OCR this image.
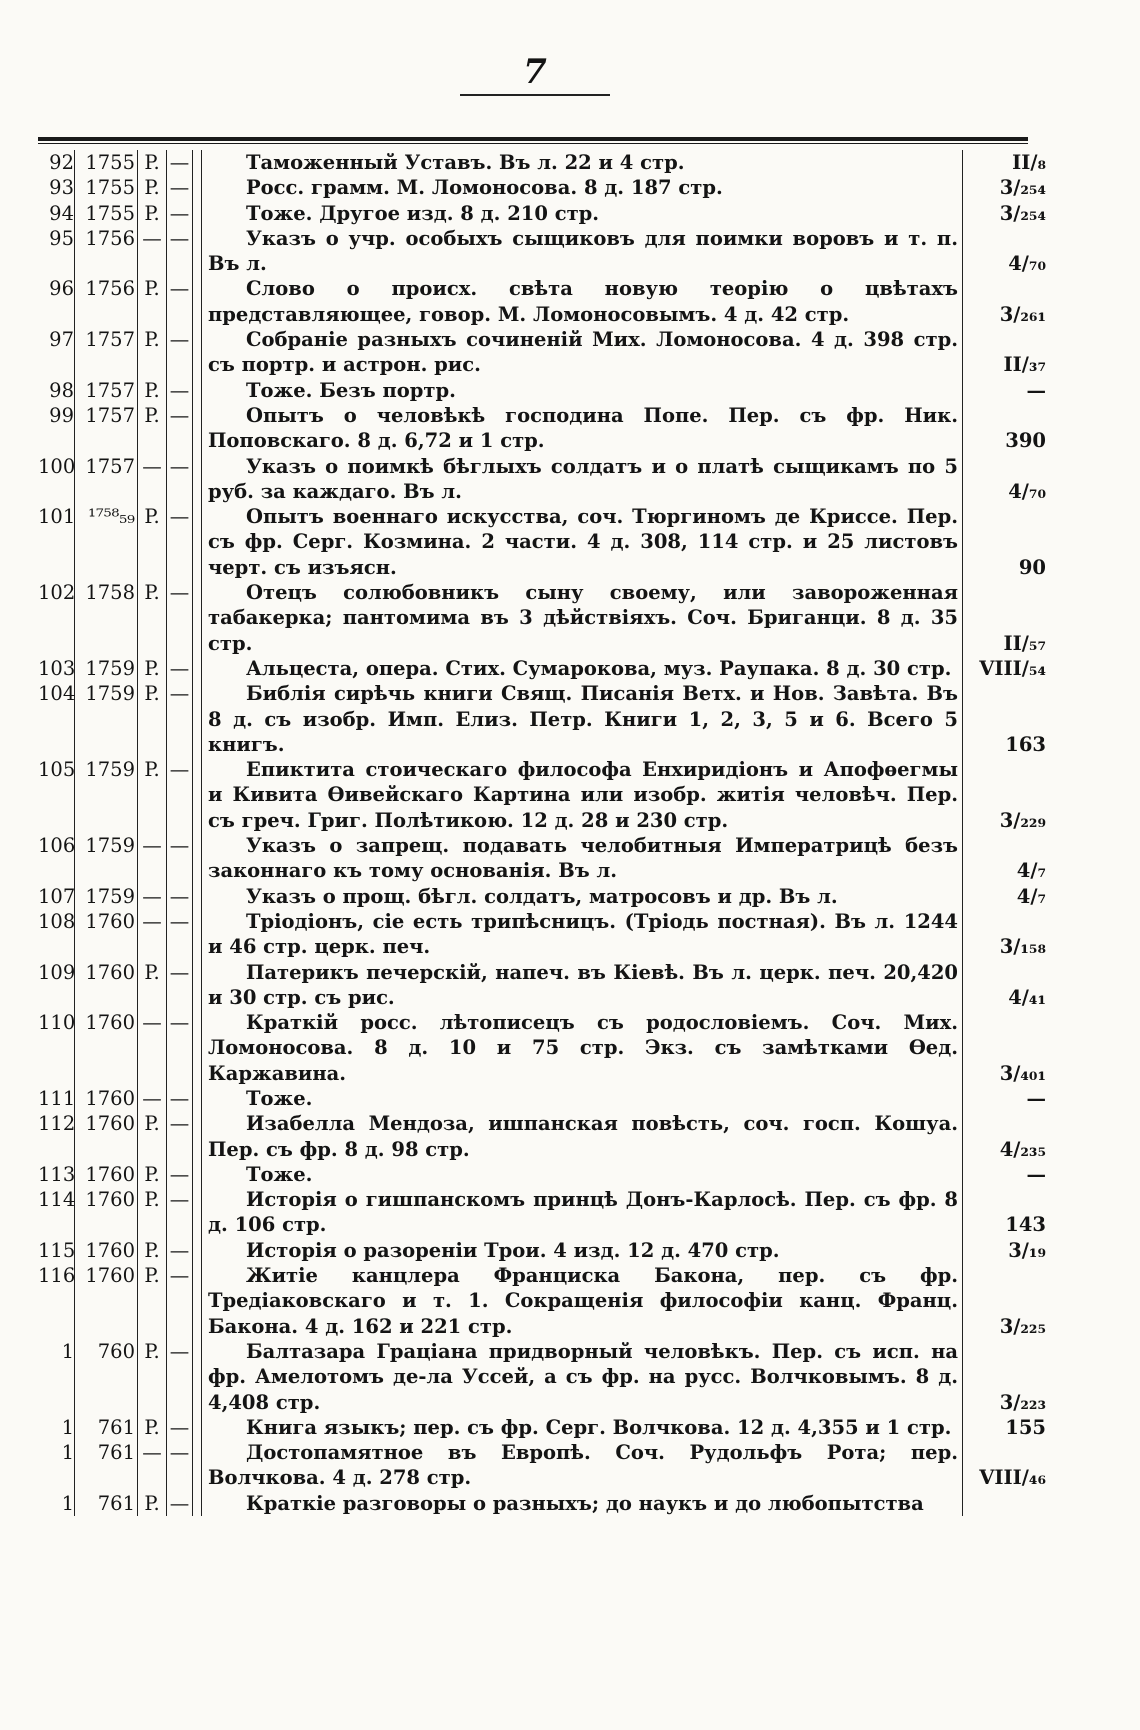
7
92	1755	P.	—		Таможенный Уставъ. Въ л. 22 и 4 стр.	II/₈
93	1755	P.	—		Росс. грамм. М. Ломоносова. 8 д. 187 стр.	3/₂₅₄
94	1755	P.	—		Тоже. Другое изд. 8 д. 210 стр.	3/₂₅₄
95	1756	—	—		Указъ о учр. особыхъ сыщиковъ для поимки воровъ и т. п. Въ л.	4/₇₀
96	1756	P.	—		Слово о происх. свѣта новую теорію о цвѣтахъ представляющее, говор. М. Ломоносовымъ. 4 д. 42 стр.	3/₂₆₁
97	1757	P.	—		Собраніе разныхъ сочиненій Мих. Ломоносова. 4 д. 398 стр. съ портр. и астрон. рис.	II/₃₇
98	1757	P.	—		Тоже. Безъ портр.	—
99	1757	P.	—		Опытъ о человѣкѣ господина Попе. Пер. съ фр. Ник. Поповскаго. 8 д. 6,72 и 1 стр.	390
100	1757	—	—		Указъ о поимкѣ бѣглыхъ солдатъ и о платѣ сыщикамъ по 5 руб. за каждаго. Въ л.	4/₇₀
101	¹⁷⁵⁸₅₉	P.	—		Опытъ военнаго искусства, соч. Тюргиномъ де Криссе. Пер. съ фр. Серг. Козмина. 2 части. 4 д. 308, 114 стр. и 25 листовъ черт. съ изъясн.	90
102	1758	P.	—		Отецъ солюбовникъ сыну своему, или завороженная табакерка; пантомима въ 3 дѣйствіяхъ. Соч. Бриганци. 8 д. 35 стр.	II/₅₇
103	1759	P.	—		Альцеста, опера. Стих. Сумарокова, муз. Раупака. 8 д. 30 стр.	VIII/₅₄
104	1759	P.	—		Библія сирѣчь книги Свящ. Писанія Ветх. и Нов. Завѣта. Въ 8 д. съ изобр. Имп. Елиз. Петр. Книги 1, 2, 3, 5 и 6. Всего 5 книгъ.	163
105	1759	P.	—		Епиктита стоическаго философа Енхиридіонъ и Апофѳегмы и Кивита Ѳивейскаго Картина или изобр. житія человѣч. Пер. съ греч. Григ. Полѣтикою. 12 д. 28 и 230 стр.	3/₂₂₉
106	1759	—	—		Указъ о запрещ. подавать челобитныя Императрицѣ безъ законнаго къ тому основанія. Въ л.	4/₇
107	1759	—	—		Указъ о прощ. бѣгл. солдатъ, матросовъ и др. Въ л.	4/₇
108	1760	—	—		Тріодіонъ, сіе есть трипѣсницъ. (Тріодь постная). Въ л. 1244 и 46 стр. церк. печ.	3/₁₅₈
109	1760	P.	—		Патерикъ печерскій, напеч. въ Кіевѣ. Въ л. церк. печ. 20,420 и 30 стр. съ рис.	4/₄₁
110	1760	—	—		Краткій росс. лѣтописецъ съ родословіемъ. Соч. Мих. Ломоносова. 8 д. 10 и 75 стр. Экз. съ замѣтками Ѳед. Каржавина.	3/₄₀₁
111	1760	—	—		Тоже.	—
112	1760	P.	—		Изабелла Мендоза, ишпанская повѣсть, соч. госп. Кошуа. Пер. съ фр. 8 д. 98 стр.	4/₂₃₅
113	1760	P.	—		Тоже.	—
114	1760	P.	—		Исторія о гишпанскомъ принцѣ Донъ-Карлосѣ. Пер. съ фр. 8 д. 106 стр.	143
115	1760	P.	—		Исторія о разореніи Трои. 4 изд. 12 д. 470 стр.	3/₁₉
116	1760	P.	—		Житіе канцлера Франциска Бакона, пер. съ фр. Тредіаковскаго и т. 1. Сокращенія философіи канц. Франц. Бакона. 4 д. 162 и 221 стр.	3/₂₂₅
1	760	P.	—		Балтазара Граціана придворный человѣкъ. Пер. съ исп. на фр. Амелотомъ де-ла Уссей, а съ фр. на русс. Волчковымъ. 8 д. 4,408 стр.	3/₂₂₃
1	761	P.	—		Книга языкъ; пер. съ фр. Серг. Волчкова. 12 д. 4,355 и 1 стр.	155
1	761	—	—		Достопамятное въ Европѣ. Соч. Рудольфъ Рота; пер. Волчкова. 4 д. 278 стр.	VIII/₄₆
1	761	P.	—		Краткіе разговоры о разныхъ; до наукъ и до любопытства	
